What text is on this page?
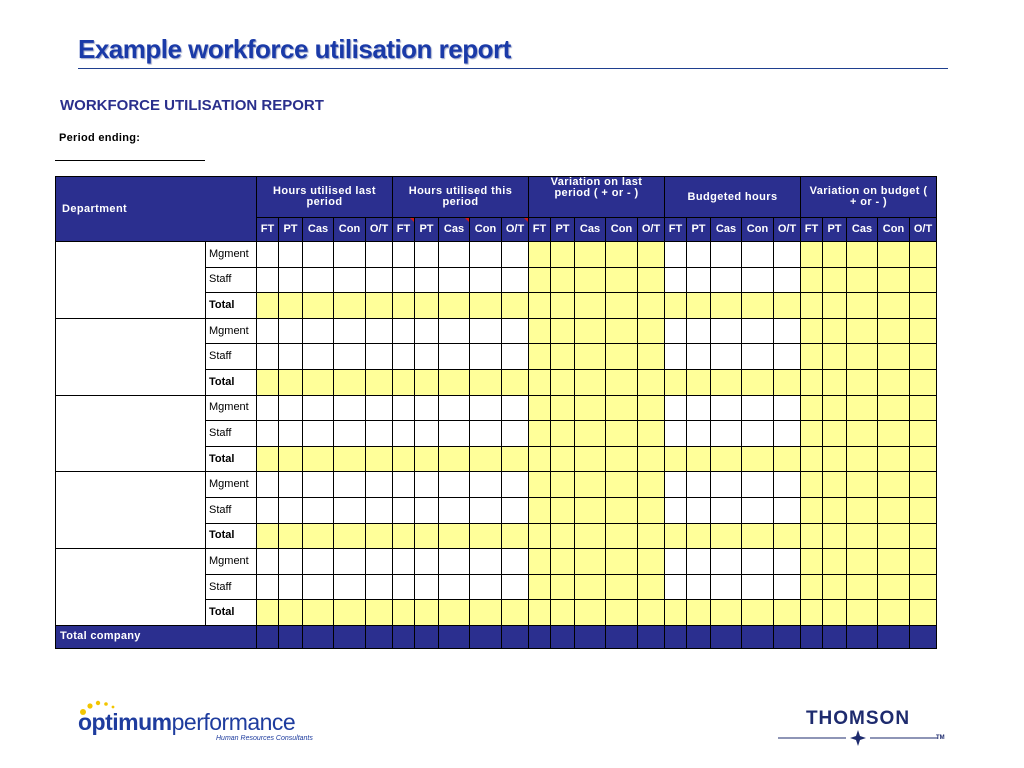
Example workforce utilisation report
WORKFORCE UTILISATION REPORT
Period ending:
Department		Hours utilised last period					Hours utilised this period					Variation on last period ( + or - )					Budgeted hours					Variation on budget ( + or - )				

		FT	PT	Cas	Con	O/T	FT	PT	Cas	Con	O/T	FT	PT	Cas	Con	O/T	FT	PT	Cas	Con	O/T	FT	PT	Cas	Con	O/T
	Mgment																									
	Staff																									
	Total																									
	Mgment																									
	Staff																									
	Total																									
	Mgment																									
	Staff																									
	Total																									
	Mgment																									
	Staff																									
	Total																									
	Mgment																									
	Staff																									
	Total																									
Total company																										
optimumperformance
Human Resources Consultants
THOMSON
TM
